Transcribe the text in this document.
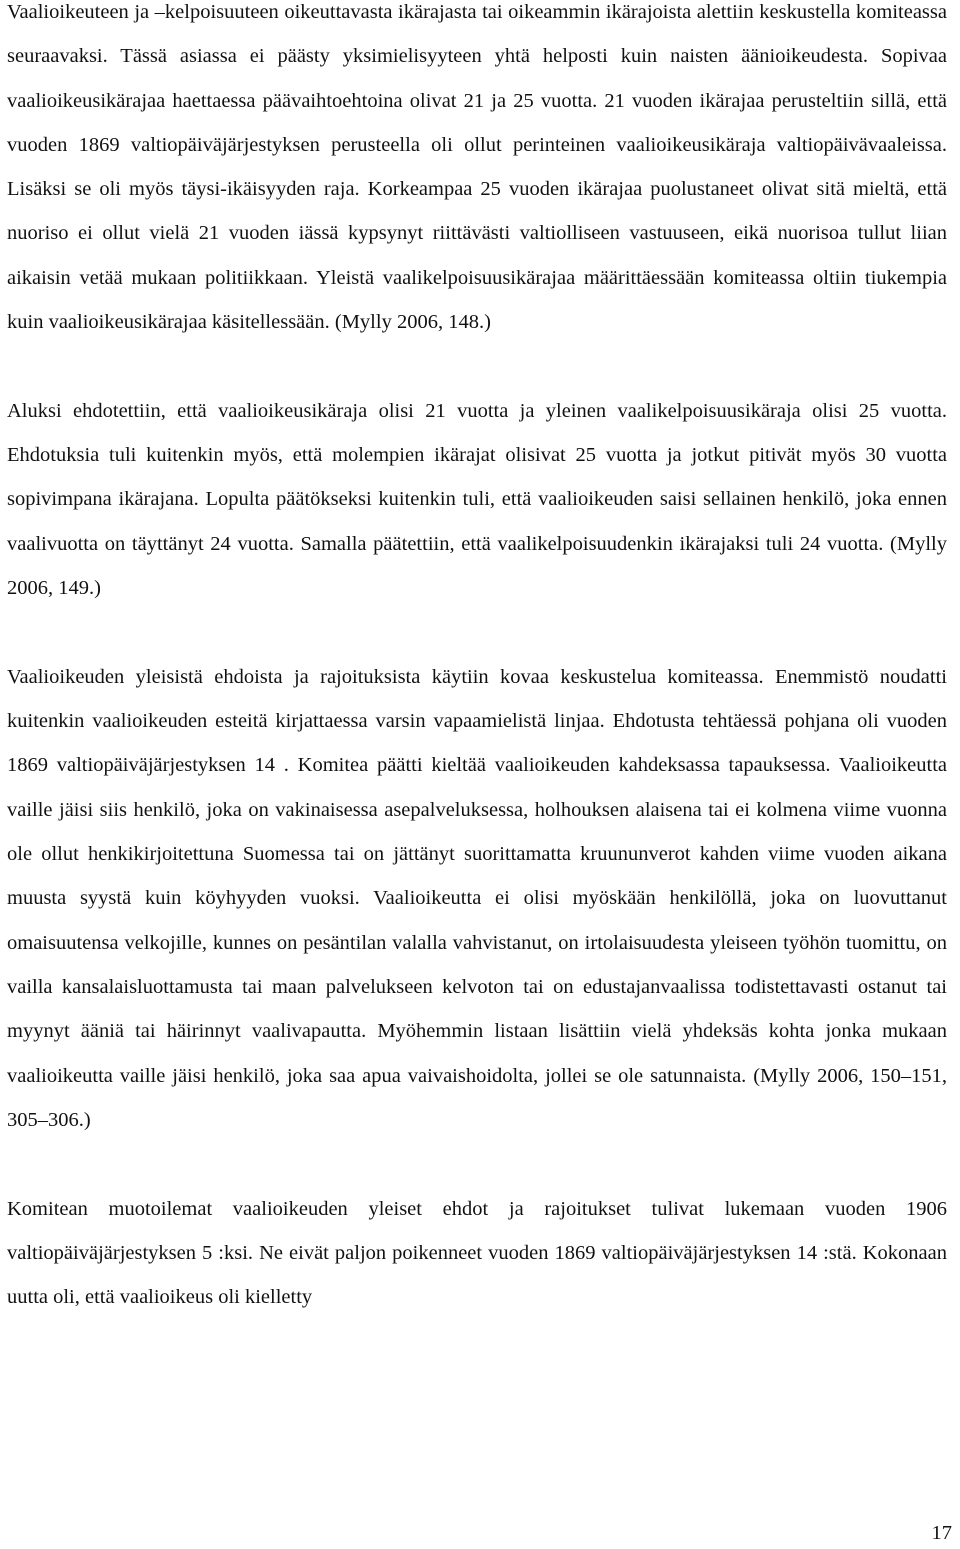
Vaalioikeuteen ja –kelpoisuuteen oikeuttavasta ikärajasta tai oikeammin ikärajoista alettiin keskustella komiteassa seuraavaksi. Tässä asiassa ei päästy yksimielisyyteen yhtä helposti kuin naisten äänioikeudesta. Sopivaa vaalioikeusikärajaa haettaessa päävaihtoehtoina olivat 21 ja 25 vuotta. 21 vuoden ikärajaa perusteltiin sillä, että vuoden 1869 valtiopäiväjärjestyksen perusteella oli ollut perinteinen vaalioikeusikäraja valtiopäivävaaleissa. Lisäksi se oli myös täysi-ikäisyyden raja. Korkeampaa 25 vuoden ikärajaa puolustaneet olivat sitä mieltä, että nuoriso ei ollut vielä 21 vuoden iässä kypsynyt riittävästi valtiolliseen vastuuseen, eikä nuorisoa tullut liian aikaisin vetää mukaan politiikkaan. Yleistä vaalikelpoisuusikärajaa määrittäessään komiteassa oltiin tiukempia kuin vaalioikeusikärajaa käsitellessään. (Mylly 2006, 148.)

Aluksi ehdotettiin, että vaalioikeusikäraja olisi 21 vuotta ja yleinen vaalikelpoisuusikäraja olisi 25 vuotta. Ehdotuksia tuli kuitenkin myös, että molempien ikärajat olisivat 25 vuotta ja jotkut pitivät myös 30 vuotta sopivimpana ikärajana. Lopulta päätökseksi kuitenkin tuli, että vaalioikeuden saisi sellainen henkilö, joka ennen vaalivuotta on täyttänyt 24 vuotta. Samalla päätettiin, että vaalikelpoisuudenkin ikärajaksi tuli 24 vuotta. (Mylly 2006, 149.)

Vaalioikeuden yleisistä ehdoista ja rajoituksista käytiin kovaa keskustelua komiteassa. Enemmistö noudatti kuitenkin vaalioikeuden esteitä kirjattaessa varsin vapaamielistä linjaa. Ehdotusta tehtäessä pohjana oli vuoden 1869 valtiopäiväjärjestyksen 14 . Komitea päätti kieltää vaalioikeuden kahdeksassa tapauksessa. Vaalioikeutta vaille jäisi siis henkilö, joka on vakinaisessa asepalveluksessa, holhouksen alaisena tai ei kolmena viime vuonna ole ollut henkikirjoitettuna Suomessa tai on jättänyt suorittamatta kruununverot kahden viime vuoden aikana muusta syystä kuin köyhyyden vuoksi. Vaalioikeutta ei olisi myöskään henkilöllä, joka on luovuttanut omaisuutensa velkojille, kunnes on pesäntilan valalla vahvistanut, on irtolaisuudesta yleiseen työhön tuomittu, on vailla kansalaisluottamusta tai maan palvelukseen kelvoton tai on edustajanvaalissa todistettavasti ostanut tai myynyt ääniä tai häirinnyt vaalivapautta. Myöhemmin listaan lisättiin vielä yhdeksäs kohta jonka mukaan vaalioikeutta vaille jäisi henkilö, joka saa apua vaivaishoidolta, jollei se ole satunnaista. (Mylly 2006, 150–151, 305–306.)

Komitean muotoilemat vaalioikeuden yleiset ehdot ja rajoitukset tulivat lukemaan vuoden 1906 valtiopäiväjärjestyksen 5 :ksi. Ne eivät paljon poikenneet vuoden 1869 valtiopäiväjärjestyksen 14 :stä. Kokonaan uutta oli, että vaalioikeus oli kielletty

17
